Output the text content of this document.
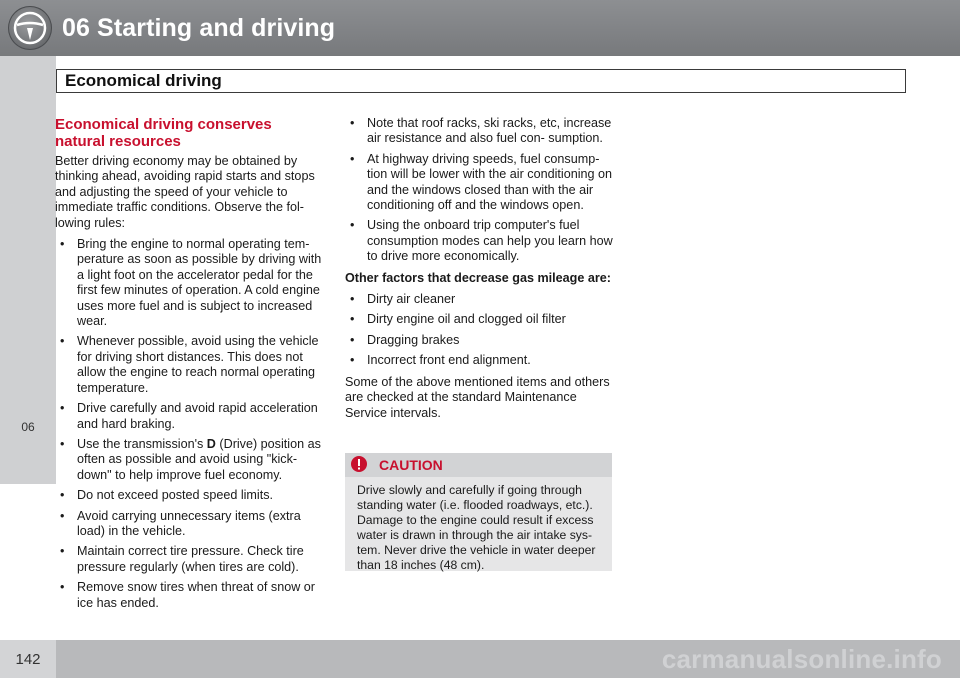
06 Starting and driving
Economical driving
06
Economical driving conserves natural resources

Better driving economy may be obtained by thinking ahead, avoiding rapid starts and stops and adjusting the speed of your vehicle to immediate traffic conditions. Observe the fol- lowing rules:

• Bring the engine to normal operating tem- perature as soon as possible by driving with a light foot on the accelerator pedal for the first few minutes of operation. A cold engine uses more fuel and is subject to increased wear.
• Whenever possible, avoid using the vehicle for driving short distances. This does not allow the engine to reach normal operating temperature.
• Drive carefully and avoid rapid acceleration and hard braking.
• Use the transmission's D (Drive) position as often as possible and avoid using "kick- down" to help improve fuel economy.
• Do not exceed posted speed limits.
• Avoid carrying unnecessary items (extra load) in the vehicle.
• Maintain correct tire pressure. Check tire pressure regularly (when tires are cold).
• Remove snow tires when threat of snow or ice has ended.
• Note that roof racks, ski racks, etc, increase air resistance and also fuel con- sumption.
• At highway driving speeds, fuel consump- tion will be lower with the air conditioning on and the windows closed than with the air conditioning off and the windows open.
• Using the onboard trip computer's fuel consumption modes can help you learn how to drive more economically.

Other factors that decrease gas mileage are:

• Dirty air cleaner
• Dirty engine oil and clogged oil filter
• Dragging brakes
• Incorrect front end alignment.

Some of the above mentioned items and others are checked at the standard Maintenance Service intervals.

CAUTION
Drive slowly and carefully if going through standing water (i.e. flooded roadways, etc.). Damage to the engine could result if excess water is drawn in through the air intake sys- tem. Never drive the vehicle in water deeper than 18 inches (48 cm).
142	carmanualsonline.info
